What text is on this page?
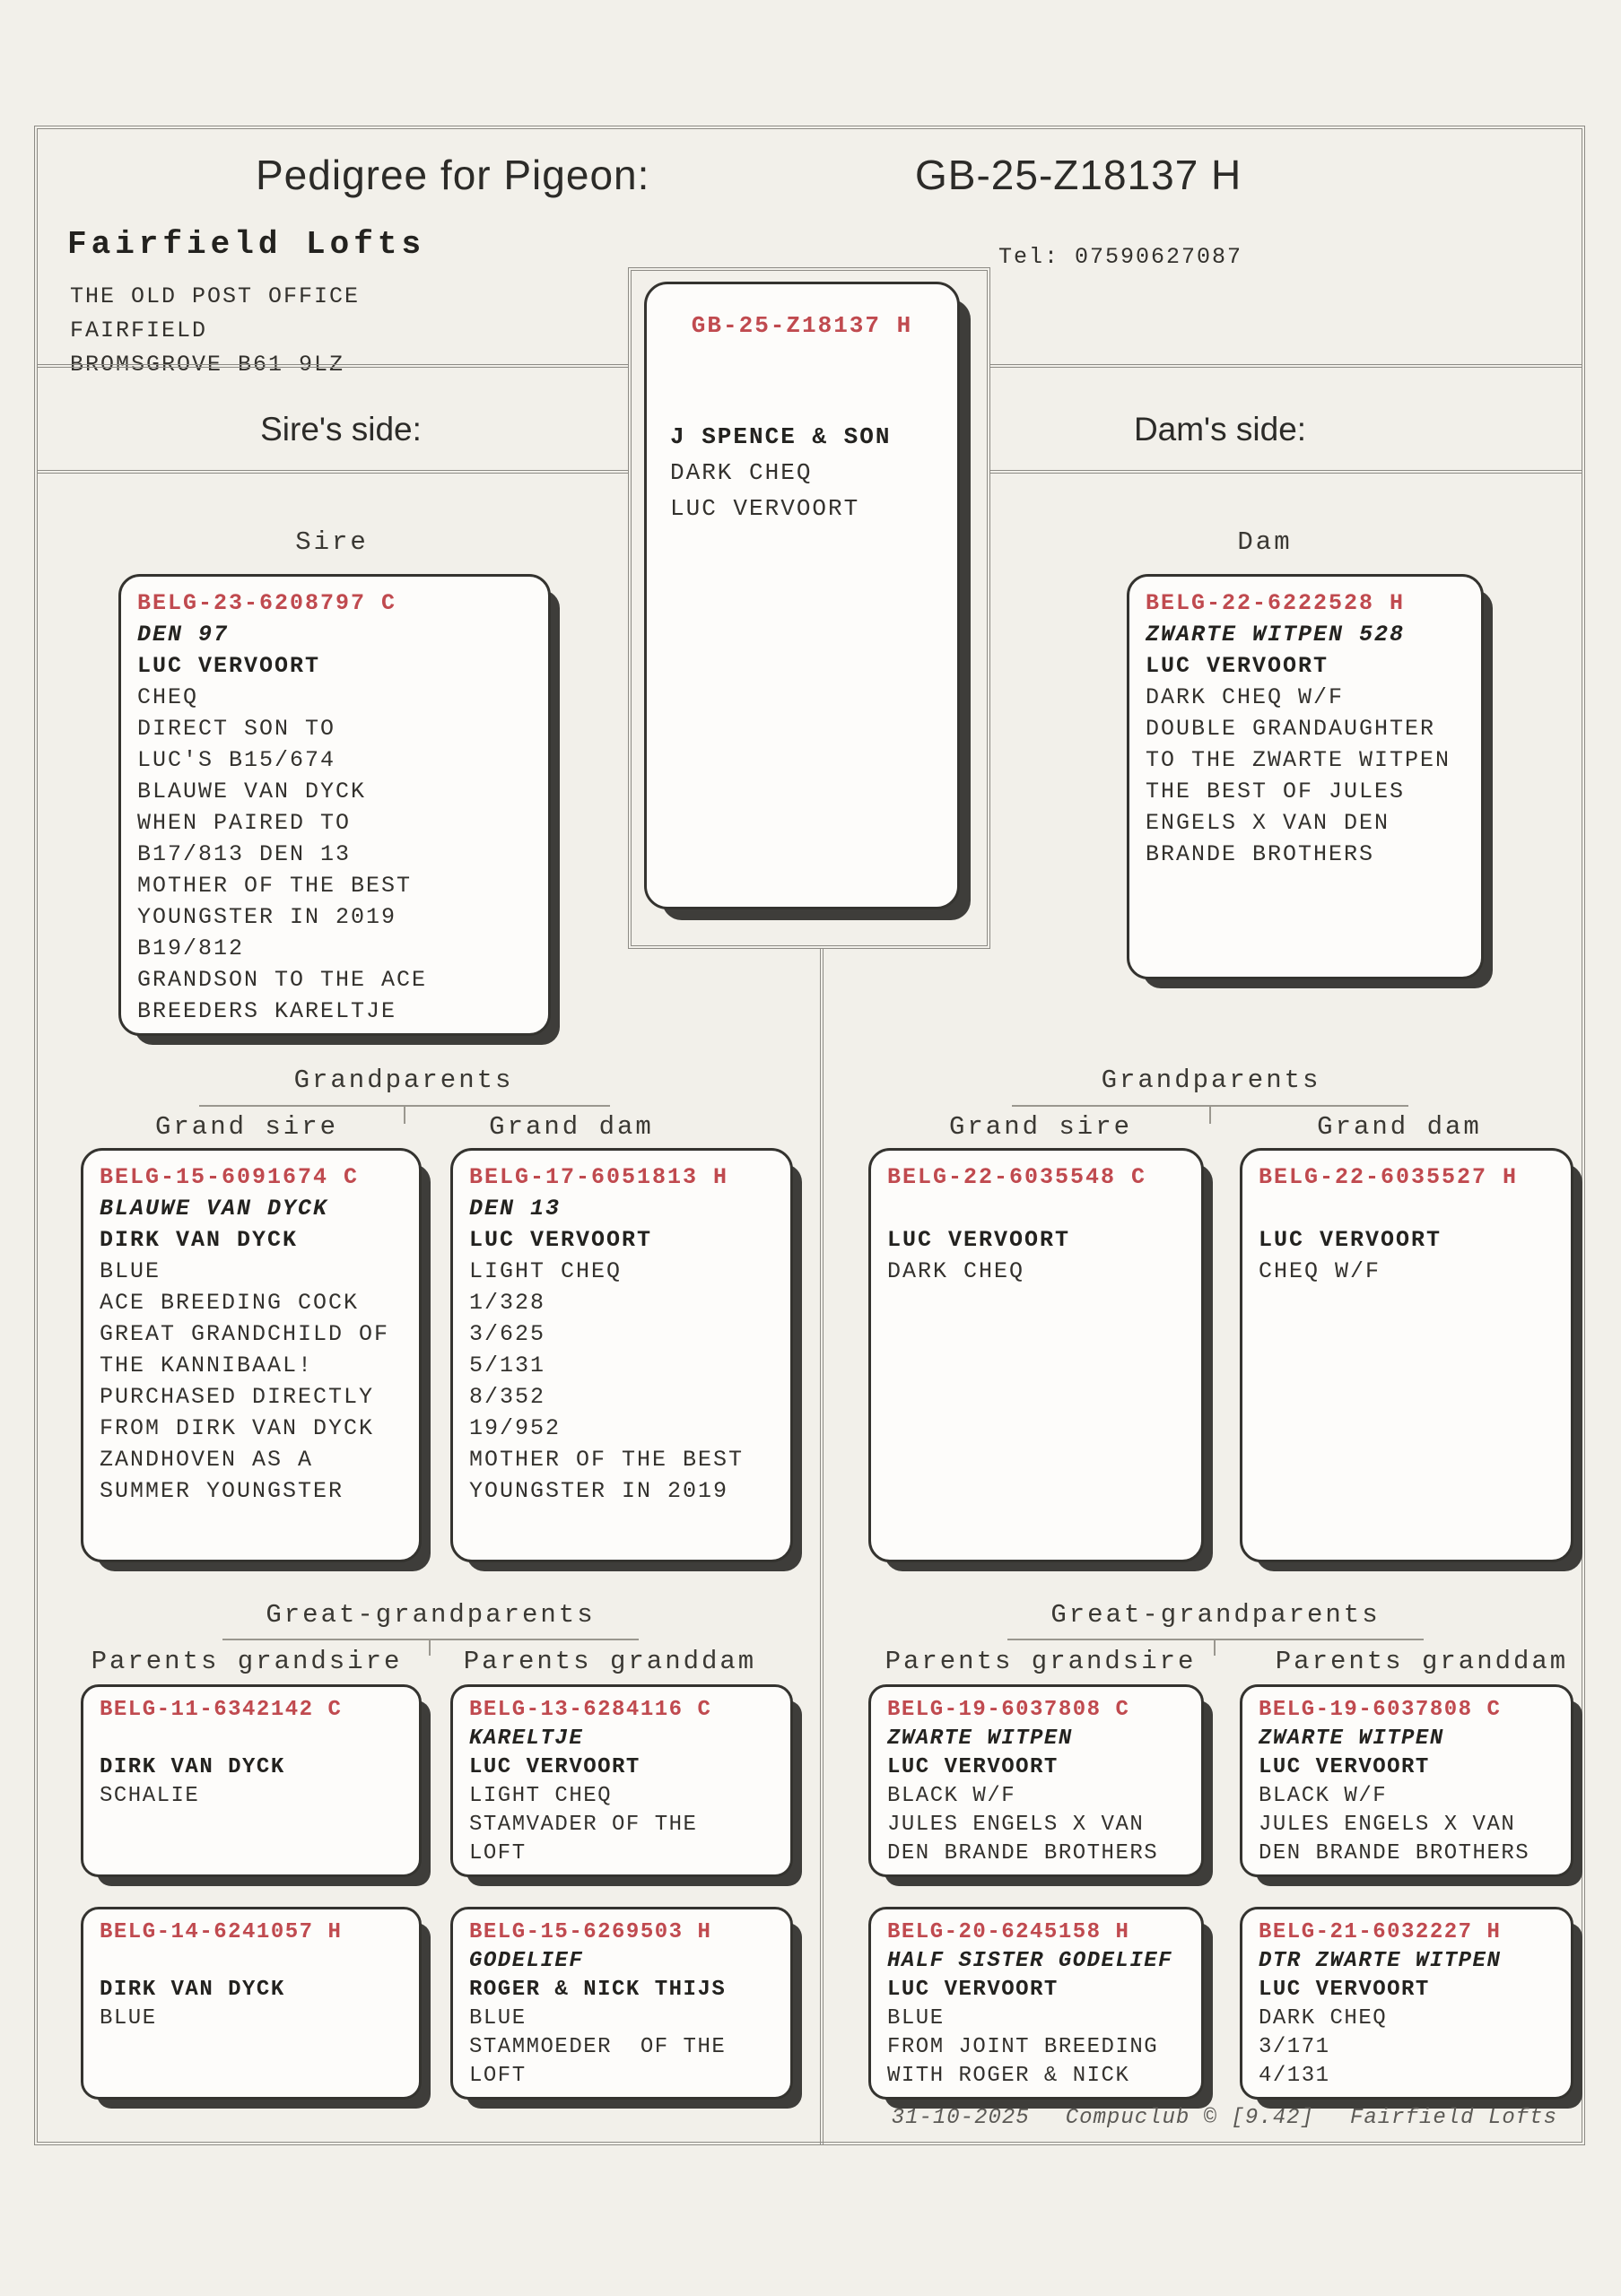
Pedigree for Pigeon:	GB-25-Z18137 H
Fairfield Lofts
THE OLD POST OFFICE
FAIRFIELD
BROMSGROVE B61 9LZ
Tel: 07590627087
Sire's side:	Dam's side:
GB-25-Z18137 H
J SPENCE & SON
DARK CHEQ
LUC VERVOORT
Sire
BELG-23-6208797 C
DEN 97
LUC VERVOORT
CHEQ
DIRECT SON TO
LUC'S B15/674
BLAUWE VAN DYCK
WHEN PAIRED TO
B17/813 DEN 13
MOTHER OF THE BEST
YOUNGSTER IN 2019
B19/812
GRANDSON TO THE ACE
BREEDERS KARELTJE
Grandparents
Grand sire	Grand dam
BELG-15-6091674 C
BLAUWE VAN DYCK
DIRK VAN DYCK
BLUE
ACE BREEDING COCK
GREAT GRANDCHILD OF
THE KANNIBAAL!
PURCHASED DIRECTLY
FROM DIRK VAN DYCK
ZANDHOVEN AS A
SUMMER YOUNGSTER
BELG-17-6051813 H
DEN 13
LUC VERVOORT
LIGHT CHEQ
1/328
3/625
5/131
8/352
19/952
MOTHER OF THE BEST
YOUNGSTER IN 2019
Great-grandparents
Parents grandsire	Parents granddam
BELG-11-6342142 C
DIRK VAN DYCK
SCHALIE
BELG-13-6284116 C
KARELTJE
LUC VERVOORT
LIGHT CHEQ
STAMVADER OF THE
LOFT
BELG-14-6241057 H
DIRK VAN DYCK
BLUE
BELG-15-6269503 H
GODELIEF
ROGER & NICK THIJS
BLUE
STAMMOEDER  OF THE
LOFT
Dam
BELG-22-6222528 H
ZWARTE WITPEN 528
LUC VERVOORT
DARK CHEQ W/F
DOUBLE GRANDAUGHTER
TO THE ZWARTE WITPEN
THE BEST OF JULES
ENGELS X VAN DEN
BRANDE BROTHERS
Grandparents
Grand sire	Grand dam
BELG-22-6035548 C
LUC VERVOORT
DARK CHEQ
BELG-22-6035527 H
LUC VERVOORT
CHEQ W/F
Great-grandparents
Parents grandsire	Parents granddam
BELG-19-6037808 C
ZWARTE WITPEN
LUC VERVOORT
BLACK W/F
JULES ENGELS X VAN
DEN BRANDE BROTHERS
BELG-19-6037808 C
ZWARTE WITPEN
LUC VERVOORT
BLACK W/F
JULES ENGELS X VAN
DEN BRANDE BROTHERS
BELG-20-6245158 H
HALF SISTER GODELIEF
LUC VERVOORT
BLUE
FROM JOINT BREEDING
WITH ROGER & NICK
BELG-21-6032227 H
DTR ZWARTE WITPEN
LUC VERVOORT
DARK CHEQ
3/171
4/131
31-10-2025 Compuclub © [9.42] Fairfield Lofts
